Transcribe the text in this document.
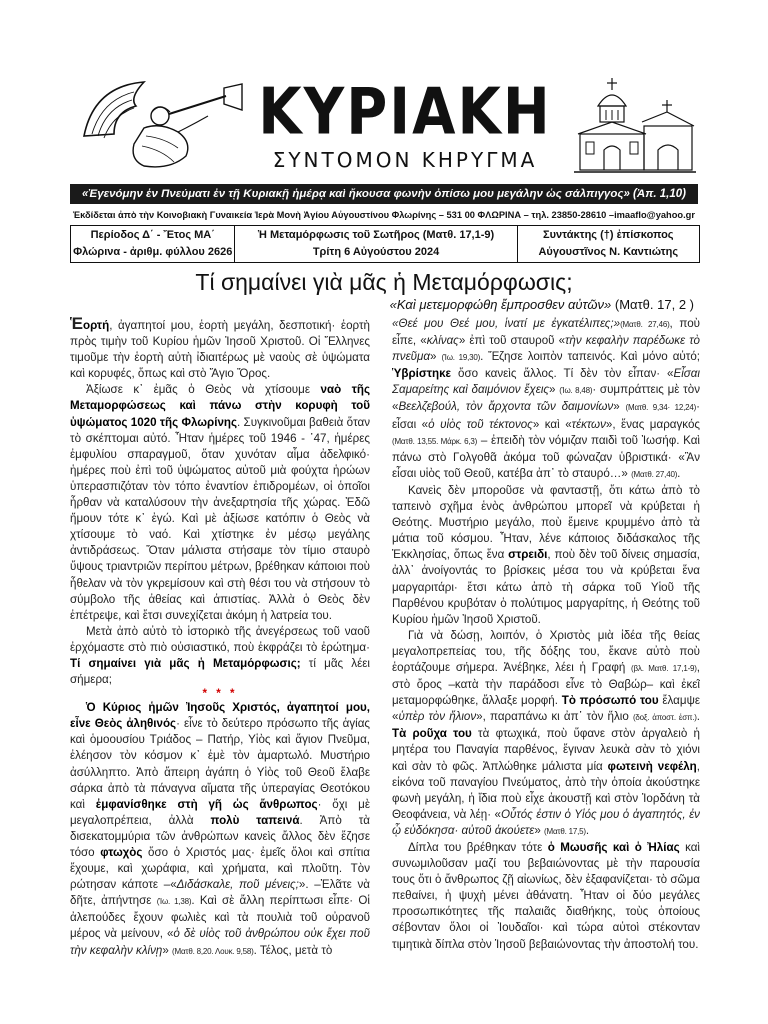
ΚΥΡΙΑΚΗ
ΣΥΝΤΟΜΟΝ ΚΗΡΥΓΜΑ
«Ἐγενόμην ἐν Πνεύματι ἐν τῇ Κυριακῇ ἡμέρᾳ καὶ ἤκουσα φωνὴν ὀπίσω μου μεγάλην ὡς σάλπιγγος» (Ἀπ. 1,10)
Ἐκδίδεται ἀπὸ τὴν Κοινοβιακὴ Γυναικεία Ἱερὰ Μονὴ Ἁγίου Αὐγουστίνου Φλωρίνης – 531 00 ΦΛΩΡΙΝΑ – τηλ. 23850-28610 –imaaflo@yahoo.gr
Περίοδος Δ΄ - Ἔτος ΜΑ΄
Φλώρινα - ἀριθμ. φύλλου 2626
Ἡ Μεταμόρφωσις τοῦ Σωτῆρος (Ματθ. 17,1-9)
Τρίτη 6 Αὐγούστου 2024
Συντάκτης (†) ἐπίσκοπος
Αὐγουστῖνος Ν. Καντιώτης
Τί σημαίνει γιὰ μᾶς ἡ Μεταμόρφωσις;
«Καὶ μετεμορφώθη ἔμπροσθεν αὐτῶν» (Ματθ. 17, 2 )

Ἑορτή, ἀγαπητοί μου, ἑορτὴ μεγάλη, δεσποτική· ἑορτὴ πρὸς τιμὴν τοῦ Κυρίου ἡμῶν Ἰησοῦ Χριστοῦ. Οἱ Ἕλληνες τιμοῦμε τὴν ἑορτὴ αὐτὴ ἰδιαιτέρως μὲ ναοὺς σὲ ὑψώματα καὶ κορυφές, ὅπως καὶ στὸ Ἅγιο Ὄρος.

Ἀξίωσε κ᾿ ἐμᾶς ὁ Θεὸς νὰ χτίσουμε ναὸ τῆς Μεταμορφώσεως καὶ πάνω στὴν κορυφὴ τοῦ ὑψώματος 1020 τῆς Φλωρίνης. Συγκινοῦμαι βαθειὰ ὅταν τὸ σκέπτομαι αὐτό. Ἦταν ἡμέρες τοῦ 1946 - ᾿47, ἡμέρες ἐμφυλίου σπαραγμοῦ, ὅταν χυνόταν αἷμα ἀδελφικό· ἡμέρες ποὺ ἐπὶ τοῦ ὑψώματος αὐτοῦ μιὰ φούχτα ἡρώων ὑπερασπιζόταν τὸν τόπο ἐναντίον ἐπιδρομέων, οἱ ὁποῖοι ἦρθαν νὰ καταλύσουν τὴν ἀνεξαρτησία τῆς χώρας. Ἐδῶ ἤμουν τότε κ᾿ ἐγώ. Καὶ μὲ ἀξίωσε κατόπιν ὁ Θεὸς νὰ χτίσουμε τὸ ναό. Καὶ χτίστηκε ἐν μέσῳ μεγάλης ἀντιδράσεως. Ὅταν μάλιστα στήσαμε τὸν τίμιο σταυρὸ ὕψους τριαντριῶν περίπου μέτρων, βρέθηκαν κάποιοι ποὺ ἦθελαν νὰ τὸν γκρεμίσουν καὶ στὴ θέσι του νὰ στήσουν τὸ σύμβολο τῆς ἀθείας καὶ ἀπιστίας. Ἀλλὰ ὁ Θεὸς δὲν ἐπέτρεψε, καὶ ἔτσι συνεχίζεται ἀκόμη ἡ λατρεία του.

Μετὰ ἀπὸ αὐτὸ τὸ ἱστορικὸ τῆς ἀνεγέρσεως τοῦ ναοῦ ἐρχόμαστε στὸ πιὸ οὐσιαστικό, ποὺ ἐκφράζει τὸ ἐρώτημα· Τί σημαίνει γιὰ μᾶς ἡ Μεταμόρφωσις; τί μᾶς λέει σήμερα;

* * *

Ὁ Κύριος ἡμῶν Ἰησοῦς Χριστός, ἀγαπητοί μου, εἶνε Θεὸς ἀληθινός· εἶνε τὸ δεύτερο πρόσωπο τῆς ἁγίας καὶ ὁμοουσίου Τριάδος – Πατήρ, Υἱὸς καὶ ἅγιον Πνεῦμα, ἐλέησον τὸν κόσμον κ᾿ ἐμὲ τὸν ἁμαρτωλό. Μυστήριο ἀσύλληπτο. Ἀπὸ ἄπειρη ἀγάπη ὁ Υἱὸς τοῦ Θεοῦ ἔλαβε σάρκα ἀπὸ τὰ πάναγνα αἵματα τῆς ὑπεραγίας Θεοτόκου καὶ ἐμφανίσθηκε στὴ γῆ ὡς ἄνθρωπος· ὄχι μὲ μεγαλοπρέπεια, ἀλλὰ πολὺ ταπεινά. Ἀπὸ τὰ δισεκατομμύρια τῶν ἀνθρώπων κανεὶς ἄλλος δὲν ἔζησε τόσο φτωχὸς ὅσο ὁ Χριστός μας· ἐμεῖς ὅλοι καὶ σπίτια ἔχουμε, καὶ χωράφια, καὶ χρήματα, καὶ πλοῦτη. Τὸν ρώτησαν κάποτε –«Διδάσκαλε, ποῦ μένεις;». –Ἐλᾶτε νὰ δῆτε, ἀπήντησε (Ἰω. 1,38). Καὶ σὲ ἄλλη περίπτωσι εἶπε· Οἱ ἀλεπούδες ἔχουν φωλιὲς καὶ τὰ πουλιὰ τοῦ οὐρανοῦ μέρος νὰ μείνουν, «ὁ δὲ υἱὸς τοῦ ἀνθρώπου οὐκ ἔχει ποῦ τὴν κεφαλὴν κλίνῃ» (Ματθ. 8,20. Λουκ. 9,58). Τέλος, μετὰ τὸ

«Θεέ μου Θεέ μου, ἱνατί με ἐγκατέλιπες;»(Ματθ. 27,46), ποὺ εἶπε, «κλίνας» ἐπὶ τοῦ σταυροῦ «τὴν κεφαλὴν παρέδωκε τὸ πνεῦμα» (Ἰω. 19,30). Ἔζησε λοιπὸν ταπεινός. Καὶ μόνο αὐτό; Ὑβρίστηκε ὅσο κανεὶς ἄλλος. Τί δὲν τὸν εἶπαν· «Εἶσαι Σαμαρείτης καὶ δαιμόνιον ἔχεις» (Ἰω. 8,48)· συμπράττεις μὲ τὸν «Βεελζεβούλ, τὸν ἄρχοντα τῶν δαιμονίων» (Ματθ. 9,34· 12,24)· εἶσαι «ὁ υἱὸς τοῦ τέκτονος» καὶ «τέκτων», ἕνας μαραγκός (Ματθ. 13,55. Μάρκ. 6,3) – ἐπειδὴ τὸν νόμιζαν παιδὶ τοῦ Ἰωσήφ. Καὶ πάνω στὸ Γολγοθᾶ ἀκόμα τοῦ φώναζαν ὑβριστικά· «Ἂν εἶσαι υἱὸς τοῦ Θεοῦ, κατέβα ἀπ᾿ τὸ σταυρό…» (Ματθ. 27,40).

Κανεὶς δὲν μποροῦσε νὰ φανταστῇ, ὅτι κάτω ἀπὸ τὸ ταπεινὸ σχῆμα ἑνὸς ἀνθρώπου μπορεῖ νὰ κρύβεται ἡ Θεότης. Μυστήριο μεγάλο, ποὺ ἔμεινε κρυμμένο ἀπὸ τὰ μάτια τοῦ κόσμου. Ἦταν, λένε κάποιος διδάσκαλος τῆς Ἐκκλησίας, ὅπως ἕνα στρειδι, ποὺ δὲν τοῦ δίνεις σημασία, ἀλλ᾿ ἀνοίγοντάς το βρίσκεις μέσα του νὰ κρύβεται ἕνα μαργαριτάρι· ἔτσι κάτω ἀπὸ τὴ σάρκα τοῦ Υἱοῦ τῆς Παρθένου κρυβόταν ὁ πολύτιμος μαργαρίτης, ἡ Θεότης τοῦ Κυρίου ἡμῶν Ἰησοῦ Χριστοῦ.

Γιὰ νὰ δώσῃ, λοιπόν, ὁ Χριστὸς μιὰ ἰδέα τῆς θείας μεγαλοπρεπείας του, τῆς δόξης του, ἔκανε αὐτὸ ποὺ ἑορτάζουμε σήμερα. Ἀνέβηκε, λέει ἡ Γραφή (βλ. Ματθ. 17,1-9), στὸ ὄρος –κατὰ τὴν παράδοσι εἶνε τὸ Θαβώρ– καὶ ἐκεῖ μεταμορφώθηκε, ἄλλαξε μορφή. Τὸ πρόσωπό του ἔλαμψε «ὑπὲρ τὸν ἥλιον», παραπάνω κι ἀπ᾿ τὸν ἥλιο (δοξ. ἀποστ. ἑσπ.). Τὰ ροῦχα του τὰ φτωχικά, ποὺ ὕφανε στὸν ἀργαλειὸ ἡ μητέρα του Παναγία παρθένος, ἔγιναν λευκὰ σὰν τὸ χιόνι καὶ σὰν τὸ φῶς. Ἀπλώθηκε μάλιστα μία φωτεινὴ νεφέλη, εἰκόνα τοῦ παναγίου Πνεύματος, ἀπὸ τὴν ὁποία ἀκούστηκε φωνὴ μεγάλη, ἡ ἴδια ποὺ εἶχε ἀκουστῇ καὶ στὸν Ἰορδάνη τὰ Θεοφάνεια, νὰ λέῃ· «Οὗτός ἐστιν ὁ Υἱός μου ὁ ἀγαπητός, ἐν ᾧ εὐδόκησα· αὐτοῦ ἀκούετε» (Ματθ. 17,5).

Δίπλα του βρέθηκαν τότε ὁ Μωυσῆς καὶ ὁ Ἠλίας καὶ συνωμιλοῦσαν μαζί του βεβαιώνοντας μὲ τὴν παρουσία τους ὅτι ὁ ἄνθρωπος ζῇ αἰωνίως, δὲν ἐξαφανίζεται· τὸ σῶμα πεθαίνει, ἡ ψυχὴ μένει ἀθάνατη. Ἦταν οἱ δύο μεγάλες προσωπικότητες τῆς παλαιᾶς διαθήκης, τοὺς ὁποίους σέβονταν ὅλοι οἱ Ἰουδαῖοι· καὶ τώρα αὐτοὶ στέκονταν τιμητικὰ δίπλα στὸν Ἰησοῦ βεβαιώνοντας τὴν ἀποστολή του.
